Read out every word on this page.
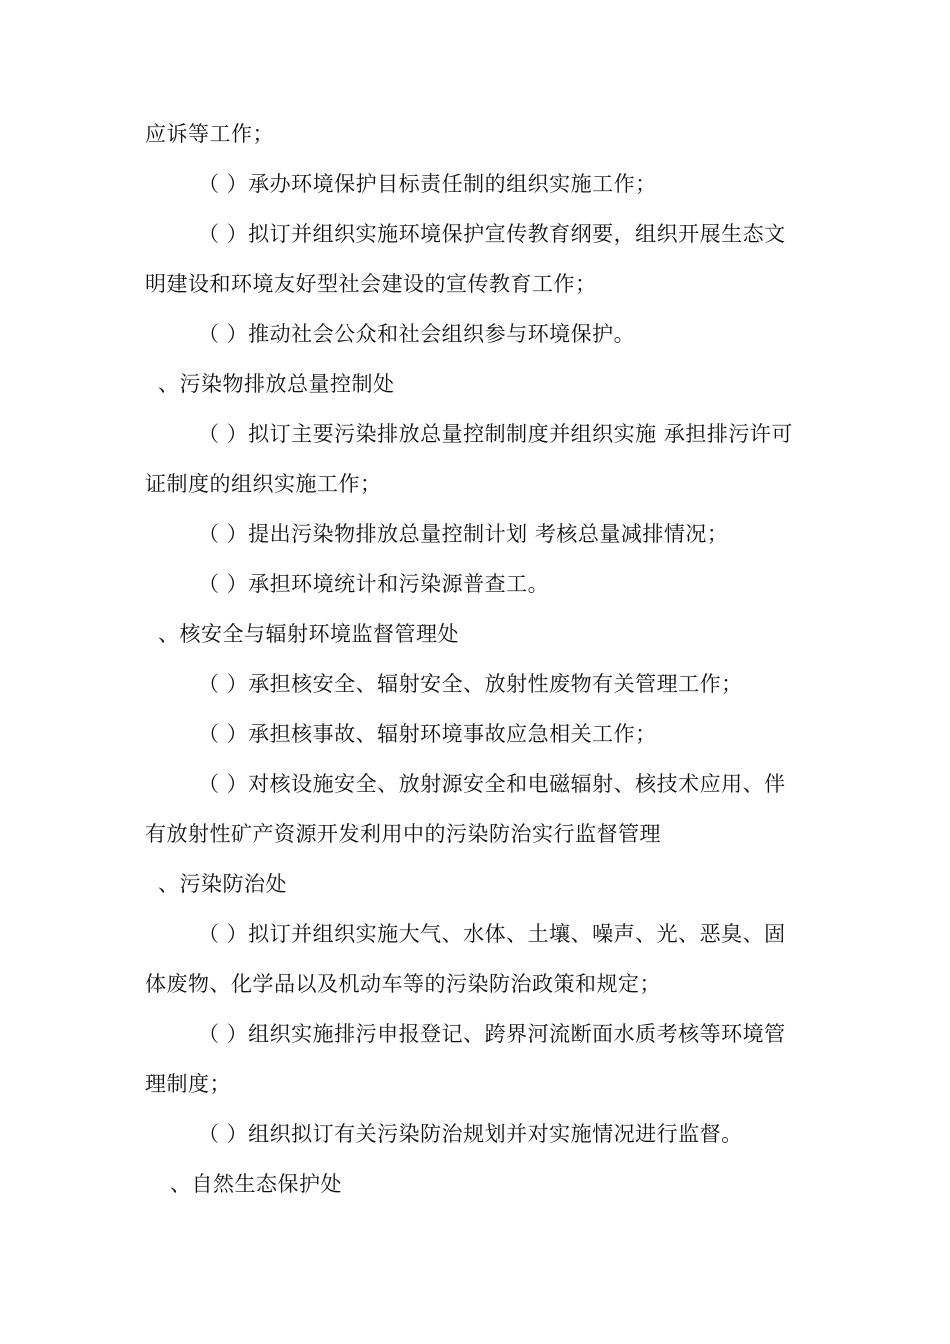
应诉等工作；
（ ）承办环境保护目标责任制的组织实施工作；
（ ）拟订并组织实施环境保护宣传教育纲要，组织开展生态文
明建设和环境友好型社会建设的宣传教育工作；
（ ）推动社会公众和社会组织参与环境保护。
、污染物排放总量控制处
（ ）拟订主要污染排放总量控制制度并组织实施 承担排污许可
证制度的组织实施工作；
（ ）提出污染物排放总量控制计划 考核总量减排情况；
（ ）承担环境统计和污染源普查工。
、核安全与辐射环境监督管理处
（ ）承担核安全、辐射安全、放射性废物有关管理工作；
（ ）承担核事故、辐射环境事故应急相关工作；
（ ）对核设施安全、放射源安全和电磁辐射、核技术应用、伴
有放射性矿产资源开发利用中的污染防治实行监督管理
、污染防治处
（ ）拟订并组织实施大气、水体、土壤、噪声、光、恶臭、固
体废物、化学品以及机动车等的污染防治政策和规定；
（ ）组织实施排污申报登记、跨界河流断面水质考核等环境管
理制度；
（ ）组织拟订有关污染防治规划并对实施情况进行监督。
、自然生态保护处
